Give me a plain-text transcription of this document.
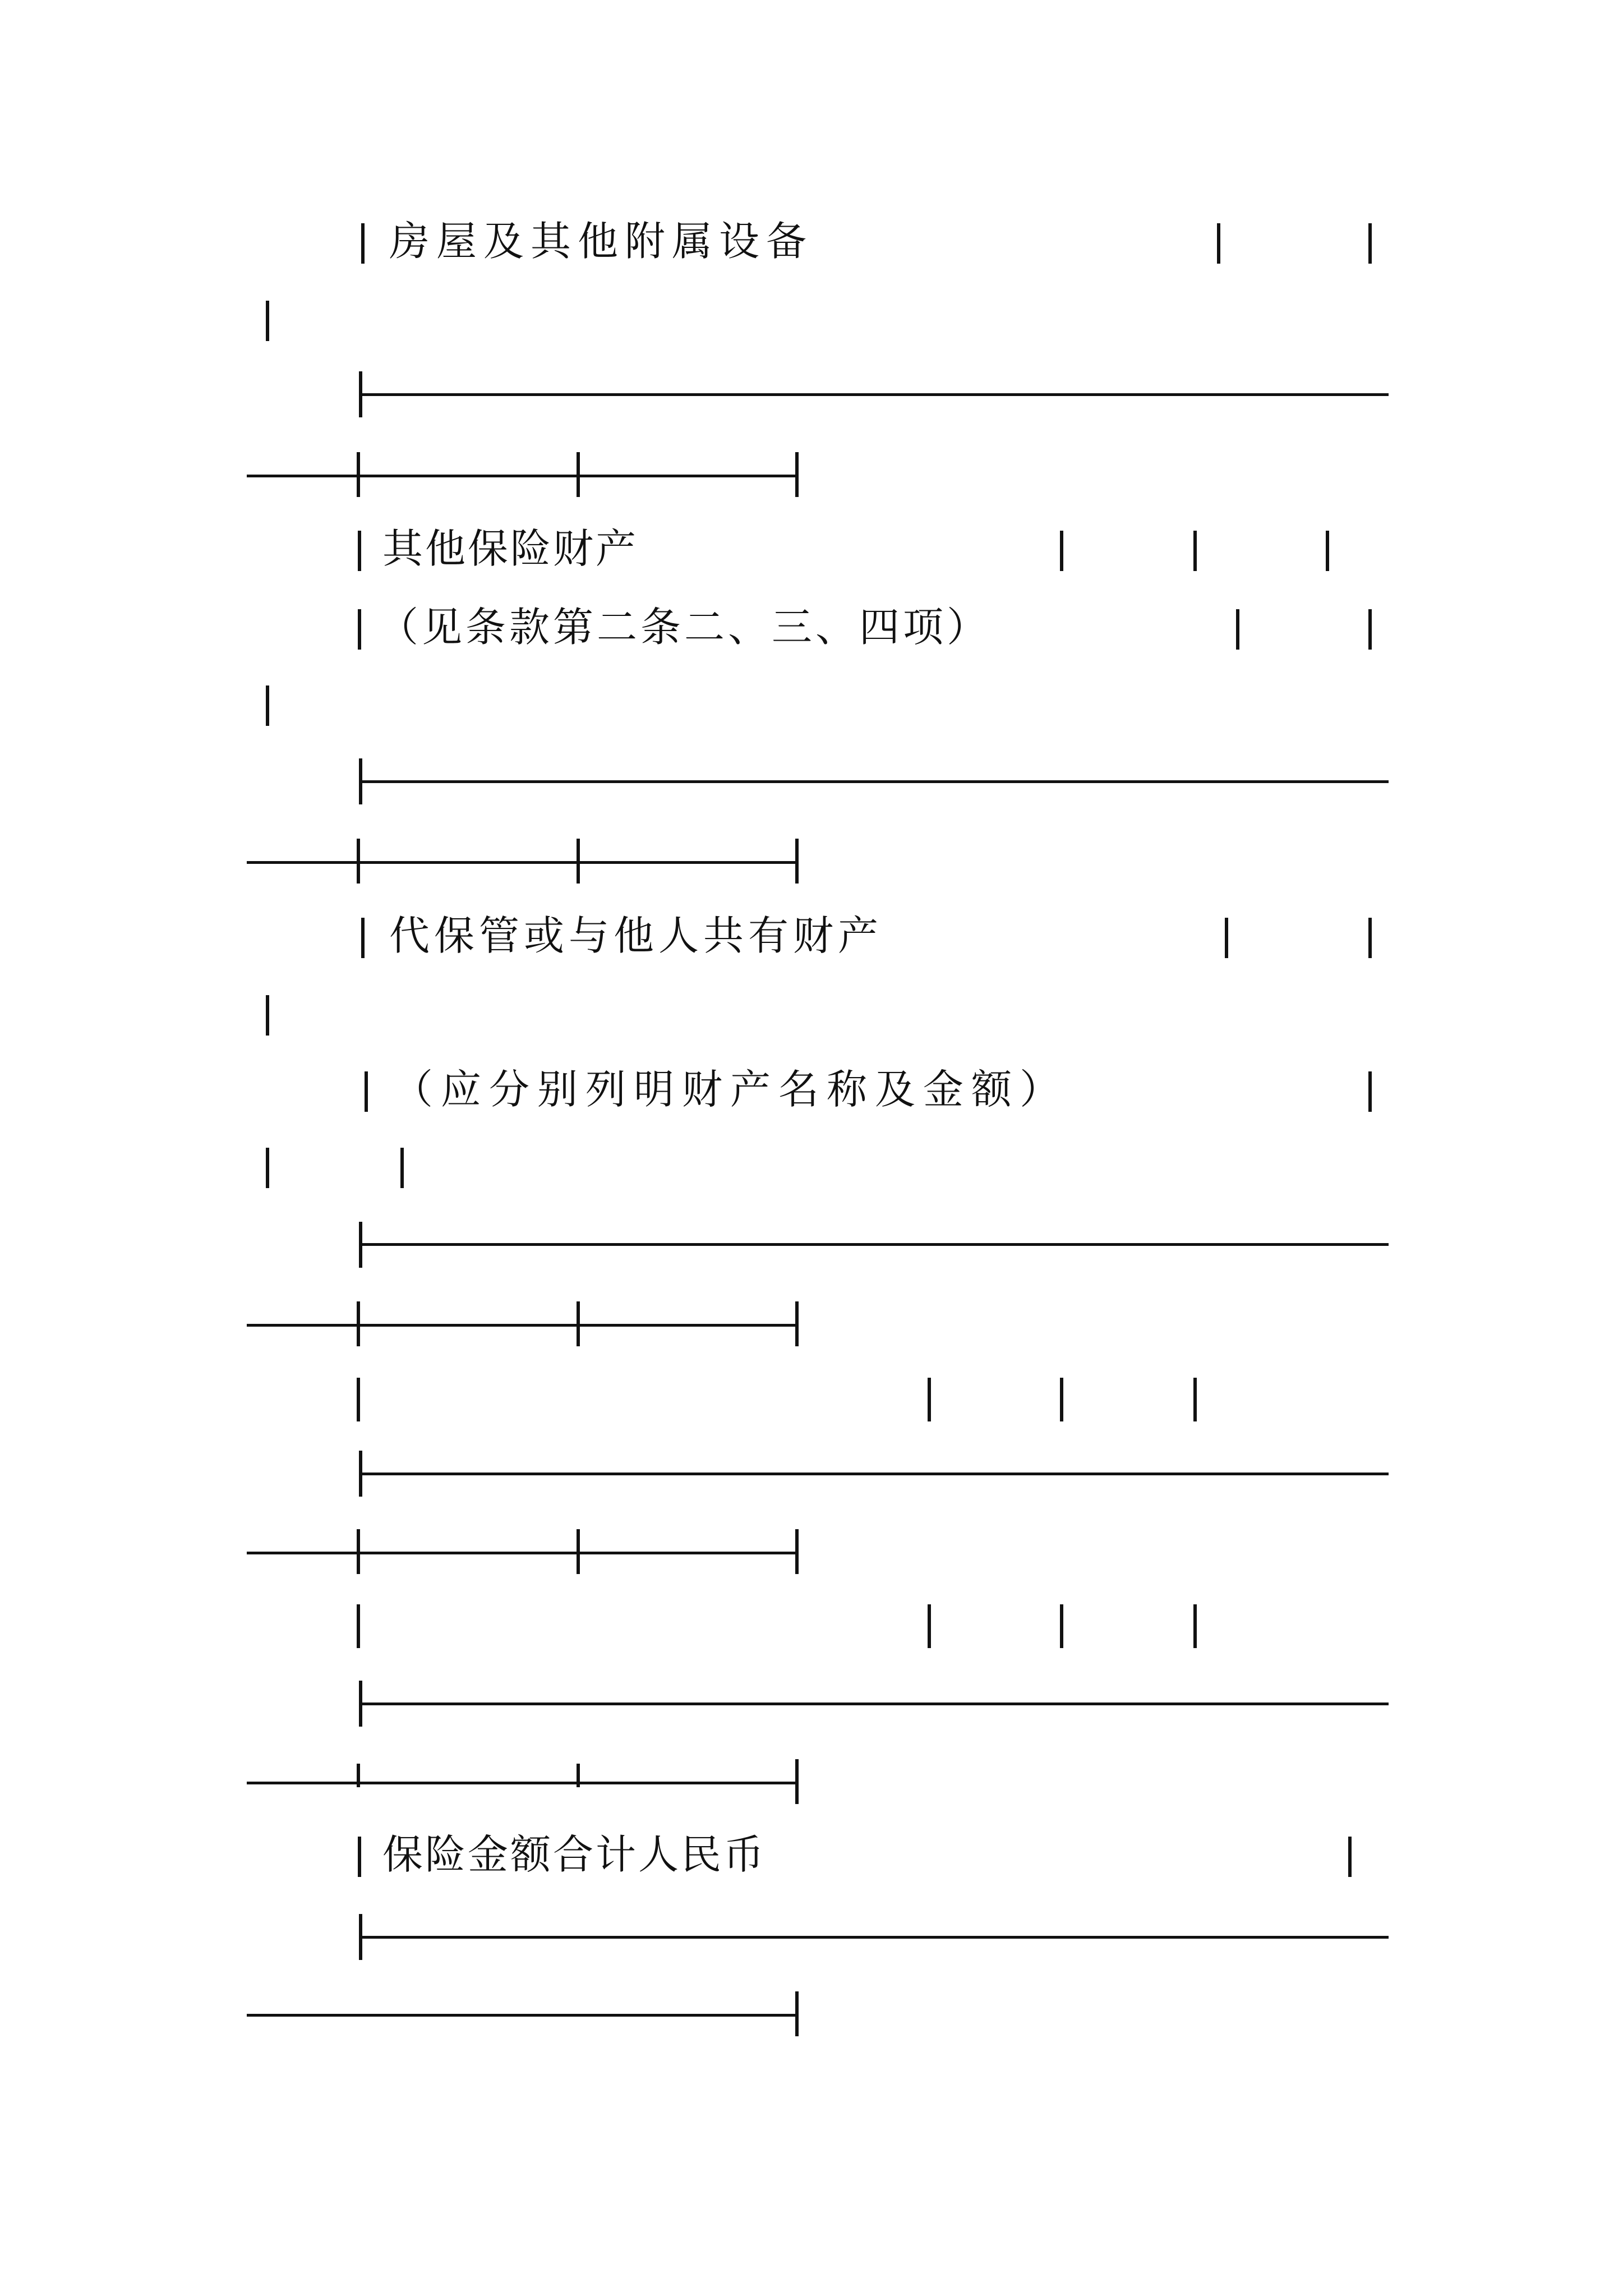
房屋及其他附属设备
其他保险财产
（见条款第二条二、三、四项）
代保管或与他人共有财产
（应分别列明财产名称及金额）
保险金额合计人民币
